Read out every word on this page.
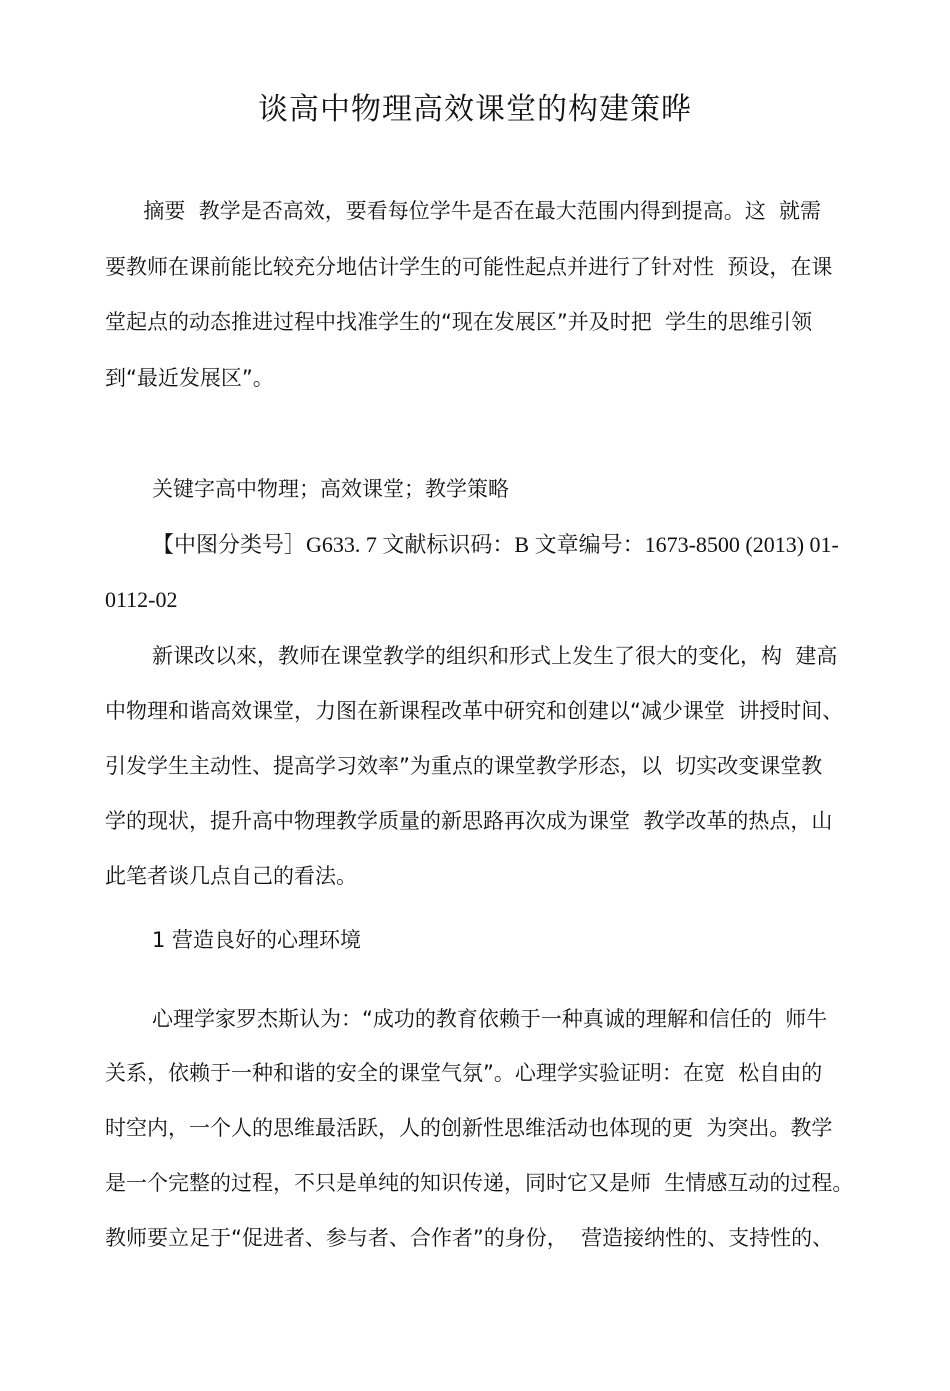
谈高中物理高效课堂的构建策晔
摘要  教学是否高效，要看每位学牛是否在最大范围内得到提高。这  就需
要教师在课前能比较充分地估计学生的可能性起点并进行了针对性  预设，在课
堂起点的动态推进过程中找准学生的“现在发展区”并及时把  学生的思维引领
到“最近发展区”。
关键字高中物理；高效课堂；教学策略
【中图分类号］G633. 7 文献标识码：B 文章编号：1673-8500 (2013) 01-
0112-02
新课改以來，教师在课堂教学的组织和形式上发生了很大的变化，构  建高
中物理和谐高效课堂，力图在新课程改革中研究和创建以“减少课堂  讲授时间、
引发学生主动性、提高学习效率”为重点的课堂教学形态，以  切实改变课堂教
学的现状，提升高中物理教学质量的新思路再次成为课堂  教学改革的热点，山
此笔者谈几点自己的看法。
1 营造良好的心理环境
心理学家罗杰斯认为：“成功的教育依赖于一种真诚的理解和信任的  师牛
关系，依赖于一种和谐的安全的课堂气氛”。心理学实验证明：在宽  松自由的
时空内，一个人的思维最活跃，人的创新性思维活动也体现的更  为突出。教学
是一个完整的过程，不只是单纯的知识传递，同时它又是师  生情感互动的过程。
教师要立足于“促进者、参与者、合作者”的身份，  营造接纳性的、支持性的、
